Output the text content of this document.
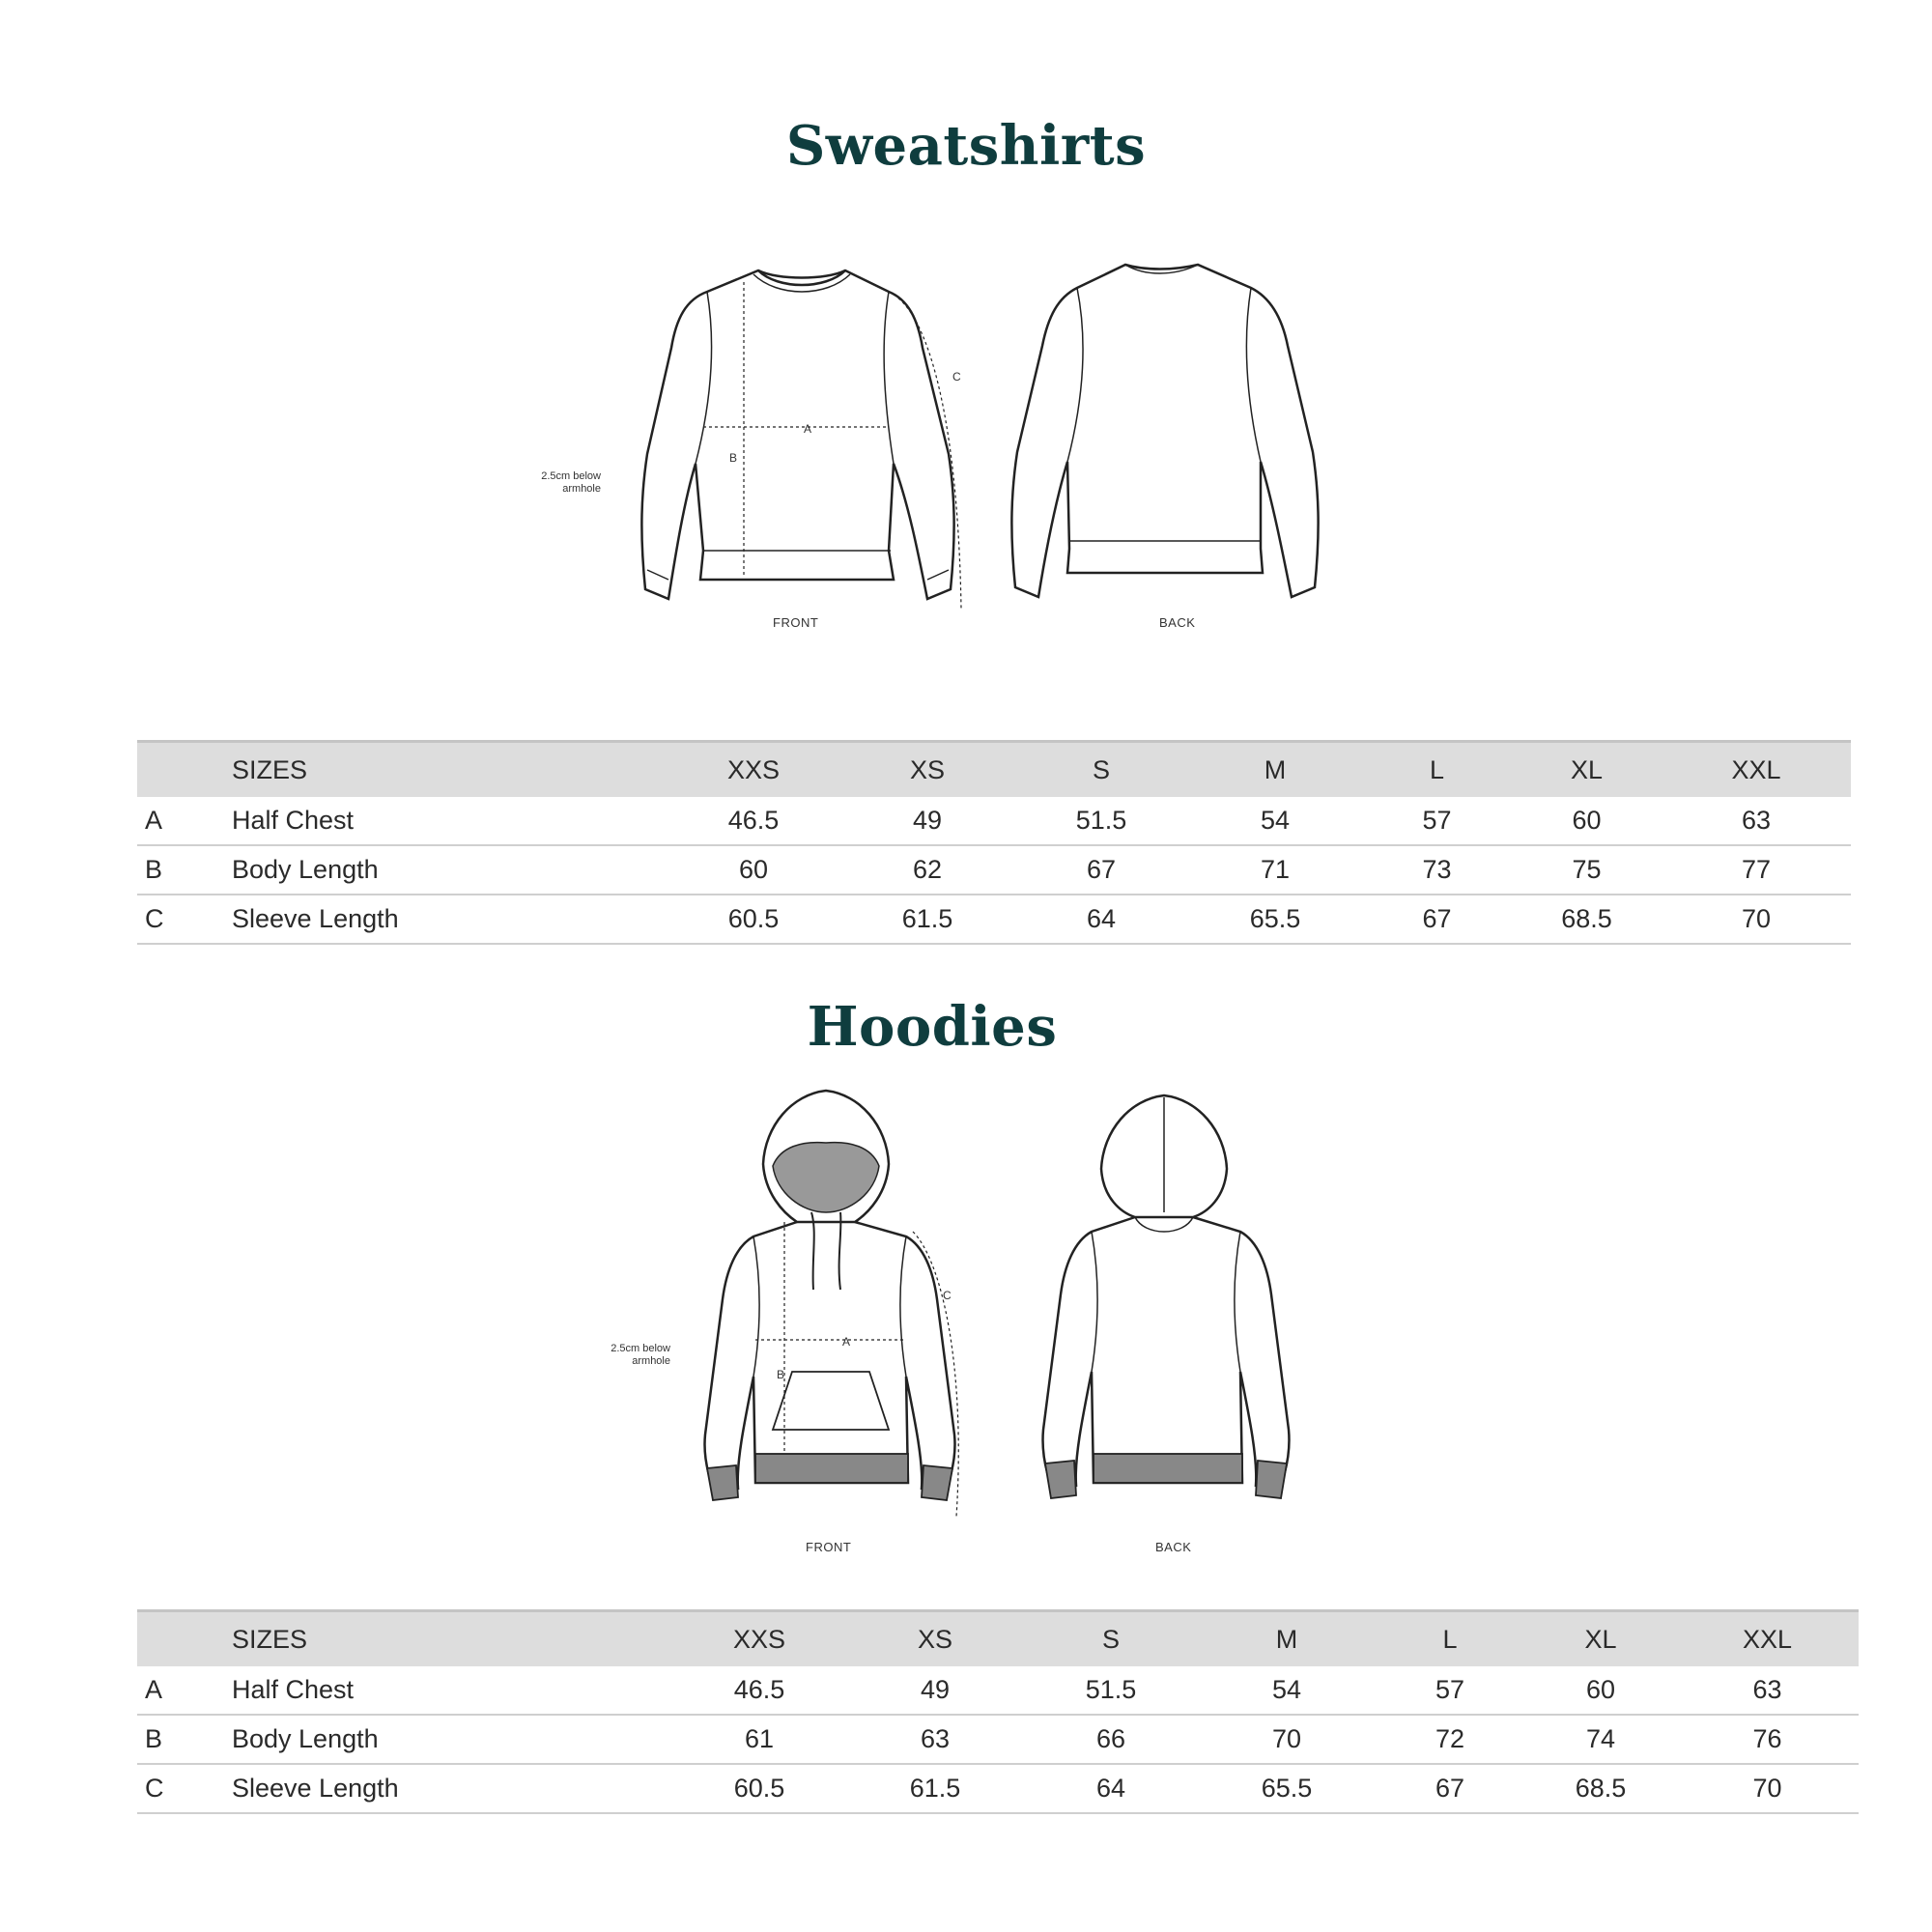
Sweatshirts
A
B
C
2.5cm below armhole
FRONT	BACK
	SIZES	XXS	XS	S	M	L	XL	XXL
A	Half Chest	46.5	49	51.5	54	57	60	63
B	Body Length	60	62	67	71	73	75	77
C	Sleeve Length	60.5	61.5	64	65.5	67	68.5	70
Hoodies
A
B
C
2.5cm below armhole
FRONT	BACK
	SIZES	XXS	XS	S	M	L	XL	XXL
A	Half Chest	46.5	49	51.5	54	57	60	63
B	Body Length	61	63	66	70	72	74	76
C	Sleeve Length	60.5	61.5	64	65.5	67	68.5	70
